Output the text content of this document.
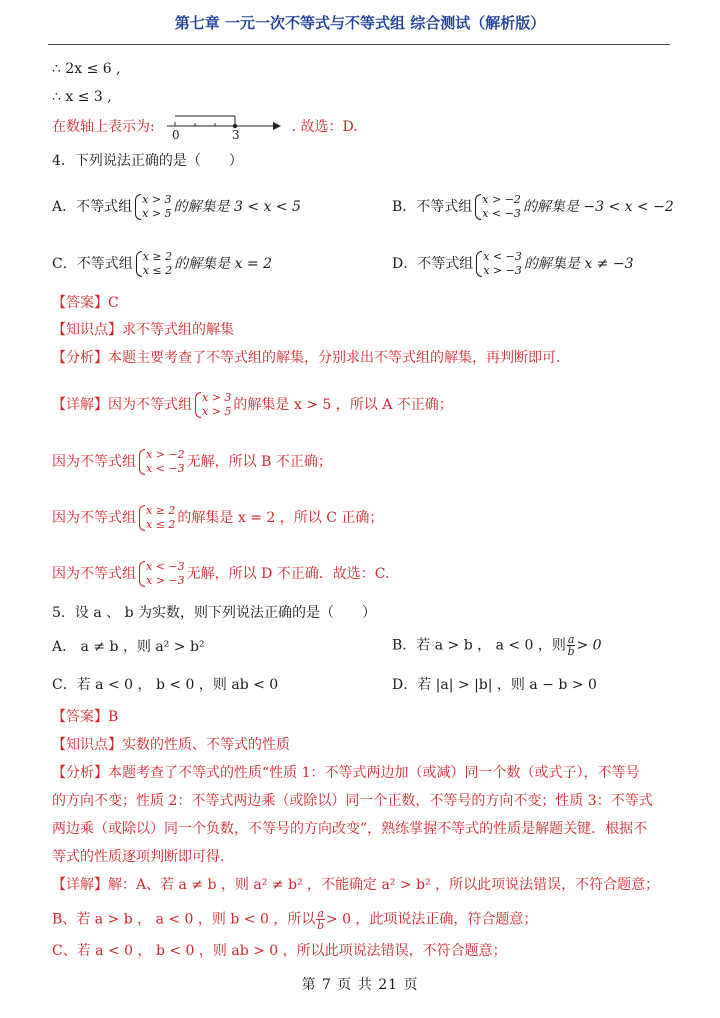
第七章 一元一次不等式与不等式组 综合测试（解析版）
∴ 2x ≤ 6 ,
∴ x ≤ 3 ,
在数轴上表示为: 0	3	. 故选：D.
4．下列说法正确的是（　　）
A．不等式组 x > 3
x > 5 的解集是 3 < x < 5	B．不等式组 x > −2
x < −3 的解集是 −3 < x < −2
C．不等式组 x ≥ 2
x ≤ 2 的解集是 x = 2	D．不等式组 x < −3
x > −3 的解集是 x ≠ −3
【答案】C
【知识点】求不等式组的解集
【分析】本题主要考查了不等式组的解集，分别求出不等式组的解集，再判断即可.
【详解】因为不等式组 x > 3
x > 5 的解集是 x > 5 ，所以 A 不正确；
因为不等式组 x > −2
x < −3 无解，所以 B 不正确；
因为不等式组 x ≥ 2
x ≤ 2 的解集是 x = 2 ，所以 C 正确；
因为不等式组 x < −3
x > −3 无解，所以 D 不正确．故选：C.
5．设 a 、 b 为实数，则下列说法正确的是（　　）
A． a ≠ b ，则 a² > b²	B．若 a > b ， a < 0 ，则 $\frac{a}{b} > 0$
C．若 a < 0 ， b < 0 ，则 ab < 0	D．若 |a| > |b| ，则 a − b > 0
【答案】B
【知识点】实数的性质、不等式的性质
【分析】本题考查了不等式的性质“性质 1：不等式两边加（或减）同一个数（或式子），不等号
的方向不变；性质 2：不等式两边乘（或除以）同一个正数，不等号的方向不变；性质 3：不等式
两边乘（或除以）同一个负数，不等号的方向改变”，熟练掌握不等式的性质是解题关键．根据不
等式的性质逐项判断即可得.
【详解】解：A、若 a ≠ b ，则 a² ≠ b² ，不能确定 a² > b² ，所以此项说法错误，不符合题意；
B、若 a > b ， a < 0 ，则 b < 0 ，所以 $\frac{a}{b} > 0$ ，此项说法正确，符合题意；
C、若 a < 0 ， b < 0 ，则 ab > 0 ，所以此项说法错误，不符合题意；
第 7 页 共 21 页
